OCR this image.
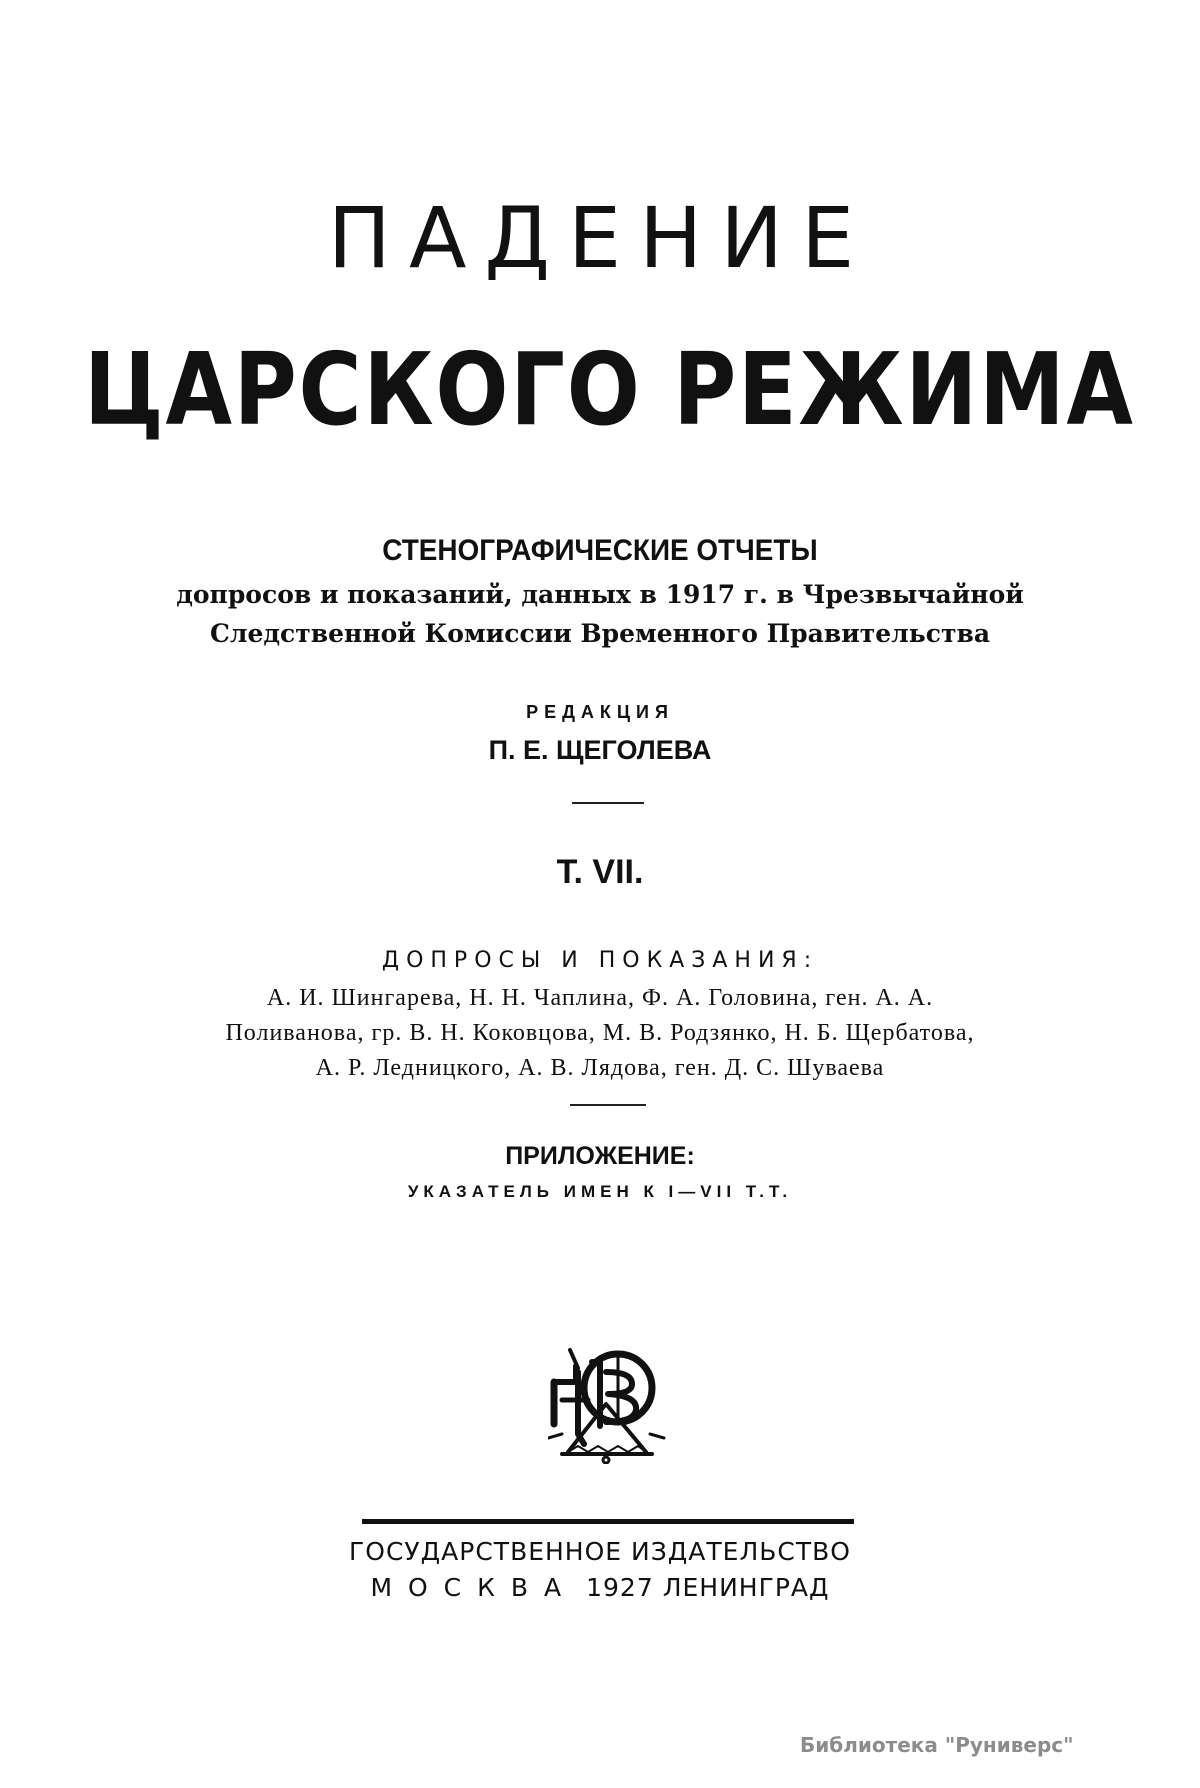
ПАДЕНИЕ
ЦАРСКОГО РЕЖИМА
СТЕНОГРАФИЧЕСКИЕ ОТЧЕТЫ
допросов и показаний, данных в 1917 г. в Чрезвычайной
Следственной Комиссии Временного Правительства
РЕДАКЦИЯ
П. Е. ЩЕГОЛЕВА
Т. VII.
ДОПРОСЫ И ПОКАЗАНИЯ:
А. И. Шингарева, Н. Н. Чаплина, Ф. А. Головина, ген. А. А.
Поливанова, гр. В. Н. Коковцова, М. В. Родзянко, Н. Б. Щербатова,
А. Р. Ледницкого, А. В. Лядова, ген. Д. С. Шуваева
ПРИЛОЖЕНИЕ:
УКАЗАТЕЛЬ ИМЕН К I—VII Т.Т.
ГОСУДАРСТВЕННОЕ ИЗДАТЕЛЬСТВО
МОСКВА 1927 ЛЕНИНГРАД
Библиотека "Руниверс"
